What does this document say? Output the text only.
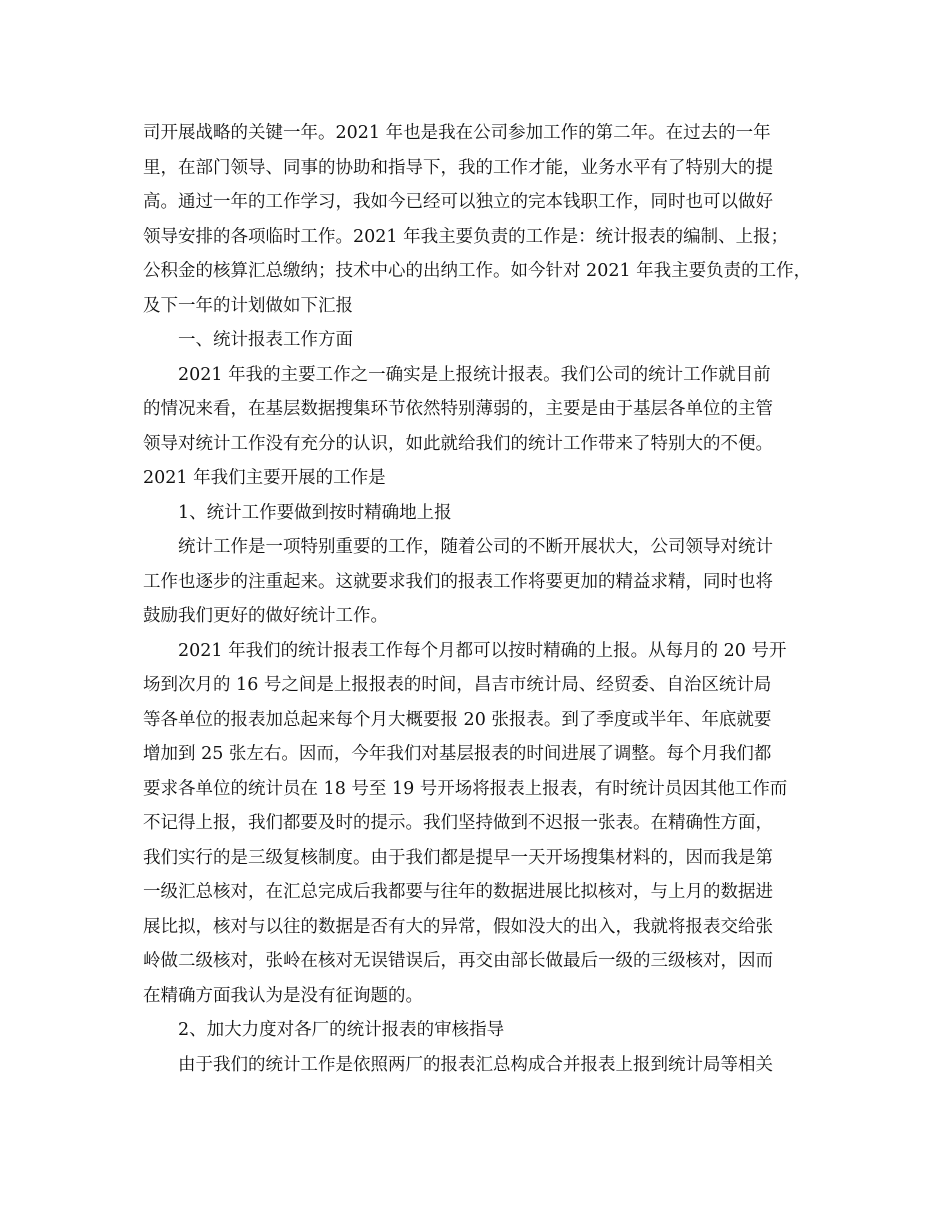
司开展战略的关键一年。2021 年也是我在公司参加工作的第二年。在过去的一年
里，在部门领导、同事的协助和指导下，我的工作才能，业务水平有了特别大的提
高。通过一年的工作学习，我如今已经可以独立的完本钱职工作，同时也可以做好
领导安排的各项临时工作。2021 年我主要负责的工作是：统计报表的编制、上报；
公积金的核算汇总缴纳；技术中心的出纳工作。如今针对 2021 年我主要负责的工作，
及下一年的计划做如下汇报
一、统计报表工作方面
2021 年我的主要工作之一确实是上报统计报表。我们公司的统计工作就目前
的情况来看，在基层数据搜集环节依然特别薄弱的，主要是由于基层各单位的主管
领导对统计工作没有充分的认识，如此就给我们的统计工作带来了特别大的不便。
2021 年我们主要开展的工作是
1、统计工作要做到按时精确地上报
统计工作是一项特别重要的工作，随着公司的不断开展状大，公司领导对统计
工作也逐步的注重起来。这就要求我们的报表工作将要更加的精益求精，同时也将
鼓励我们更好的做好统计工作。
2021 年我们的统计报表工作每个月都可以按时精确的上报。从每月的 20 号开
场到次月的 16 号之间是上报报表的时间，昌吉市统计局、经贸委、自治区统计局
等各单位的报表加总起来每个月大概要报 20 张报表。到了季度或半年、年底就要
增加到 25 张左右。因而，今年我们对基层报表的时间进展了调整。每个月我们都
要求各单位的统计员在 18 号至 19 号开场将报表上报表，有时统计员因其他工作而
不记得上报，我们都要及时的提示。我们坚持做到不迟报一张表。在精确性方面，
我们实行的是三级复核制度。由于我们都是提早一天开场搜集材料的，因而我是第
一级汇总核对，在汇总完成后我都要与往年的数据进展比拟核对，与上月的数据进
展比拟，核对与以往的数据是否有大的异常，假如没大的出入，我就将报表交给张
岭做二级核对，张岭在核对无误错误后，再交由部长做最后一级的三级核对，因而
在精确方面我认为是没有征询题的。
2、加大力度对各厂的统计报表的审核指导
由于我们的统计工作是依照两厂的报表汇总构成合并报表上报到统计局等相关
